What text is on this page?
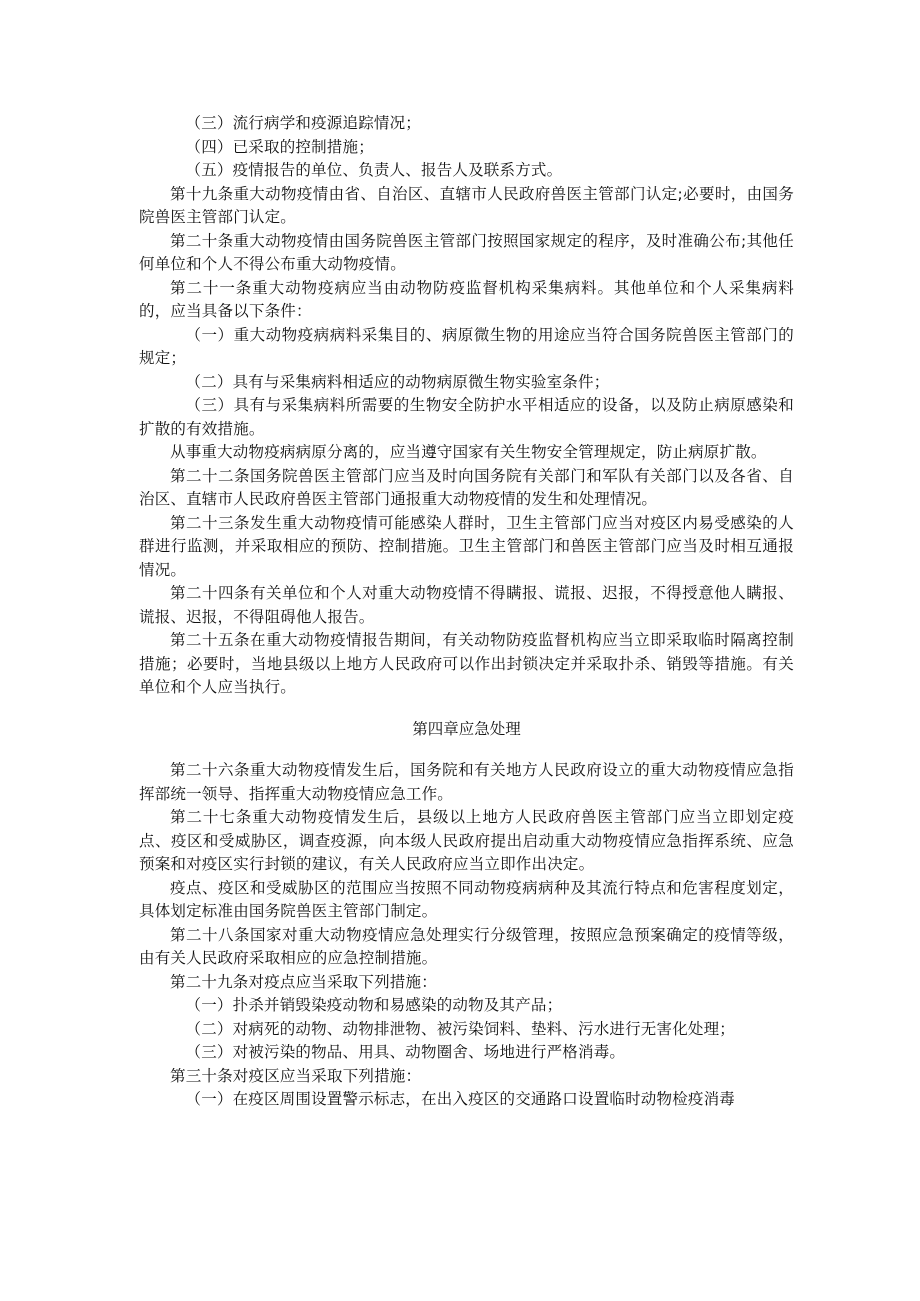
（三）流行病学和疫源追踪情况；

（四）已采取的控制措施；

（五）疫情报告的单位、负责人、报告人及联系方式。

第十九条重大动物疫情由省、自治区、直辖市人民政府兽医主管部门认定;必要时，由国务院兽医主管部门认定。

第二十条重大动物疫情由国务院兽医主管部门按照国家规定的程序，及时准确公布;其他任何单位和个人不得公布重大动物疫情。

第二十一条重大动物疫病应当由动物防疫监督机构采集病料。其他单位和个人采集病料的，应当具备以下条件：

（一）重大动物疫病病料采集目的、病原微生物的用途应当符合国务院兽医主管部门的规定；

（二）具有与采集病料相适应的动物病原微生物实验室条件；

（三）具有与采集病料所需要的生物安全防护水平相适应的设备，以及防止病原感染和扩散的有效措施。

从事重大动物疫病病原分离的，应当遵守国家有关生物安全管理规定，防止病原扩散。

第二十二条国务院兽医主管部门应当及时向国务院有关部门和军队有关部门以及各省、自治区、直辖市人民政府兽医主管部门通报重大动物疫情的发生和处理情况。

第二十三条发生重大动物疫情可能感染人群时，卫生主管部门应当对疫区内易受感染的人群进行监测，并采取相应的预防、控制措施。卫生主管部门和兽医主管部门应当及时相互通报情况。

第二十四条有关单位和个人对重大动物疫情不得瞒报、谎报、迟报，不得授意他人瞒报、谎报、迟报，不得阻碍他人报告。

第二十五条在重大动物疫情报告期间，有关动物防疫监督机构应当立即采取临时隔离控制措施；必要时，当地县级以上地方人民政府可以作出封锁决定并采取扑杀、销毁等措施。有关单位和个人应当执行。

第四章应急处理

第二十六条重大动物疫情发生后，国务院和有关地方人民政府设立的重大动物疫情应急指挥部统一领导、指挥重大动物疫情应急工作。

第二十七条重大动物疫情发生后，县级以上地方人民政府兽医主管部门应当立即划定疫点、疫区和受威胁区，调查疫源，向本级人民政府提出启动重大动物疫情应急指挥系统、应急预案和对疫区实行封锁的建议，有关人民政府应当立即作出决定。

疫点、疫区和受威胁区的范围应当按照不同动物疫病病种及其流行特点和危害程度划定，具体划定标准由国务院兽医主管部门制定。

第二十八条国家对重大动物疫情应急处理实行分级管理，按照应急预案确定的疫情等级，由有关人民政府采取相应的应急控制措施。

第二十九条对疫点应当采取下列措施：

（一）扑杀并销毁染疫动物和易感染的动物及其产品；

（二）对病死的动物、动物排泄物、被污染饲料、垫料、污水进行无害化处理；

（三）对被污染的物品、用具、动物圈舍、场地进行严格消毒。

第三十条对疫区应当采取下列措施：

（一）在疫区周围设置警示标志，在出入疫区的交通路口设置临时动物检疫消毒
